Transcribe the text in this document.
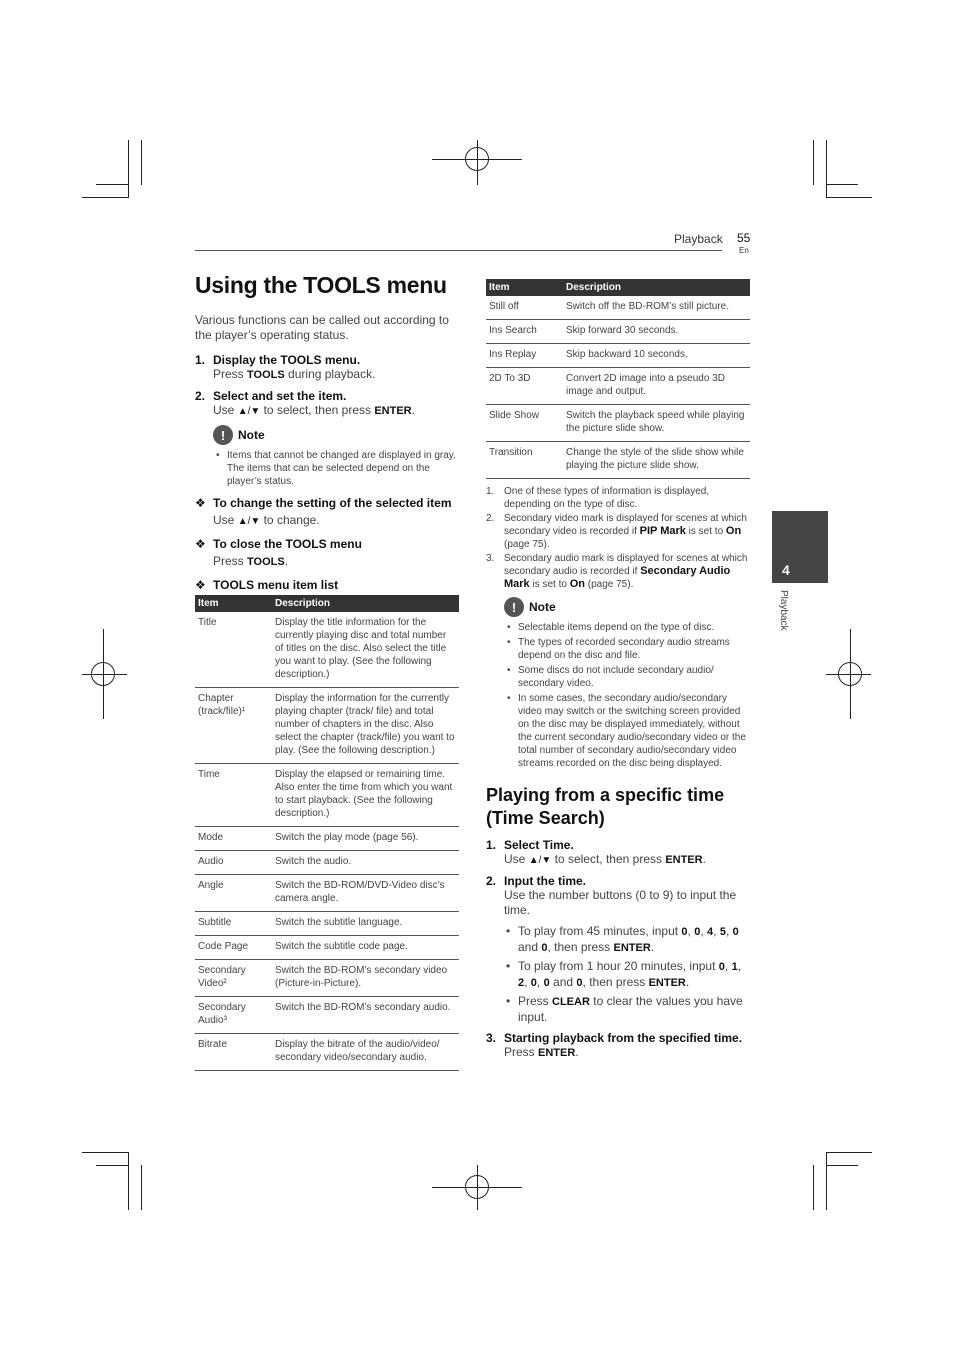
Playback 55
En
4
Playback
Using the TOOLS menu

Various functions can be called out according to the player’s operating status.

1. Display the TOOLS menu.
Press TOOLS during playback.
2. Select and set the item.
Use ▲/▼ to select, then press ENTER.
!	Note
• Items that cannot be changed are displayed in gray. The items that can be selected depend on the player’s status.
❖ To change the setting of the selected item
Use ▲/▼ to change.
❖ To close the TOOLS menu
Press TOOLS.
❖ TOOLS menu item list
Item	Description
Title	Display the title information for the currently playing disc and total number of titles on the disc. Also select the title you want to play. (See the following description.)
Chapter (track/file)¹	Display the information for the currently playing chapter (track/ file) and total number of chapters in the disc. Also select the chapter (track/file) you want to play. (See the following description.)
Time	Display the elapsed or remaining time. Also enter the time from which you want to start playback. (See the following description.)
Mode	Switch the play mode (page 56).
Audio	Switch the audio.
Angle	Switch the BD-ROM/DVD-Video disc’s camera angle.
Subtitle	Switch the subtitle language.
Code Page	Switch the subtitle code page.
Secondary Video²	Switch the BD-ROM’s secondary video (Picture-in-Picture).
Secondary Audio³	Switch the BD-ROM’s secondary audio.
Bitrate	Display the bitrate of the audio/video/ secondary video/secondary audio.
Item	Description
Still off	Switch off the BD-ROM’s still picture.
Ins Search	Skip forward 30 seconds.
Ins Replay	Skip backward 10 seconds.
2D To 3D	Convert 2D image into a pseudo 3D image and output.
Slide Show	Switch the playback speed while playing the picture slide show.
Transition	Change the style of the slide show while playing the picture slide show.
1. One of these types of information is displayed, depending on the type of disc.
2. Secondary video mark is displayed for scenes at which secondary video is recorded if PIP Mark is set to On (page 75).
3. Secondary audio mark is displayed for scenes at which secondary audio is recorded if Secondary Audio Mark is set to On (page 75).
!	Note
• Selectable items depend on the type of disc.
• The types of recorded secondary audio streams depend on the disc and file.
• Some discs do not include secondary audio/ secondary video.
• In some cases, the secondary audio/secondary video may switch or the switching screen provided on the disc may be displayed immediately, without the current secondary audio/secondary video or the total number of secondary audio/secondary video streams recorded on the disc being displayed.
Playing from a specific time (Time Search)
1. Select Time.
Use ▲/▼ to select, then press ENTER.
2. Input the time.
Use the number buttons (0 to 9) to input the time.
• To play from 45 minutes, input 0, 0, 4, 5, 0 and 0, then press ENTER.
• To play from 1 hour 20 minutes, input 0, 1, 2, 0, 0 and 0, then press ENTER.
• Press CLEAR to clear the values you have input.
3. Starting playback from the specified time.
Press ENTER.
